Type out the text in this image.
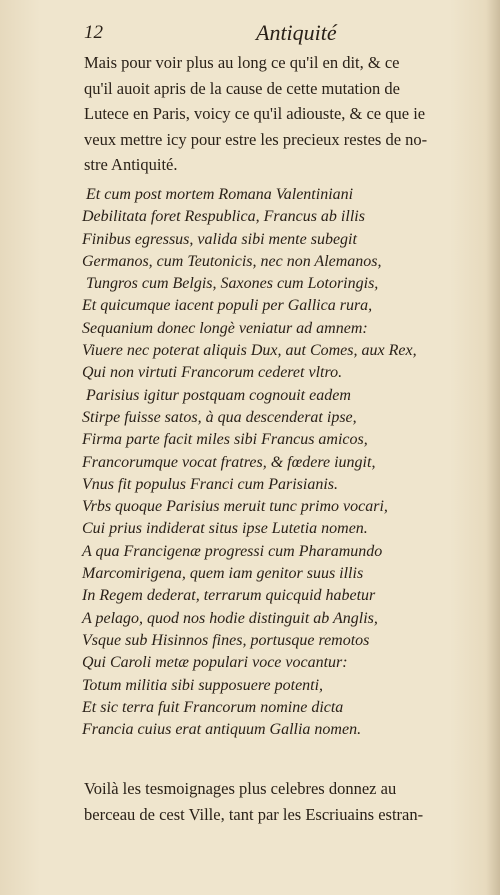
12	Antiquité
Mais pour voir plus au long ce qu'il en dit, & ce
qu'il auoit apris de la cause de cette mutation de
Lutece en Paris, voicy ce qu'il adiouste, & ce que ie
veux mettre icy pour estre les precieux restes de no-
stre Antiquité.
Et cum post mortem Romana Valentiniani
Debilitata foret Respublica, Francus ab illis
Finibus egressus, valida sibi mente subegit
Germanos, cum Teutonicis, nec non Alemanos,
Tungros cum Belgis, Saxones cum Lotoringis,
Et quicumque iacent populi per Gallica rura,
Sequanium donec longè veniatur ad amnem:
Viuere nec poterat aliquis Dux, aut Comes, aux Rex,
Qui non virtuti Francorum cederet vltro.
Parisius igitur postquam cognouit eadem
Stirpe fuisse satos, à qua descenderat ipse,
Firma parte facit miles sibi Francus amicos,
Francorumque vocat fratres, & fœdere iungit,
Vnus fit populus Franci cum Parisianis.
Vrbs quoque Parisius meruit tunc primo vocari,
Cui prius indiderat situs ipse Lutetia nomen.
A qua Francigenæ progressi cum Pharamundo
Marcomirigena, quem iam genitor suus illis
In Regem dederat, terrarum quicquid habetur
A pelago, quod nos hodie distinguit ab Anglis,
Vsque sub Hisinnos fines, portusque remotos
Qui Caroli metæ populari voce vocantur:
Totum militia sibi supposuere potenti,
Et sic terra fuit Francorum nomine dicta
Francia cuius erat antiquum Gallia nomen.
Voilà les tesmoignages plus celebres donnez au
berceau de cest Ville, tant par les Escriuains estran-
